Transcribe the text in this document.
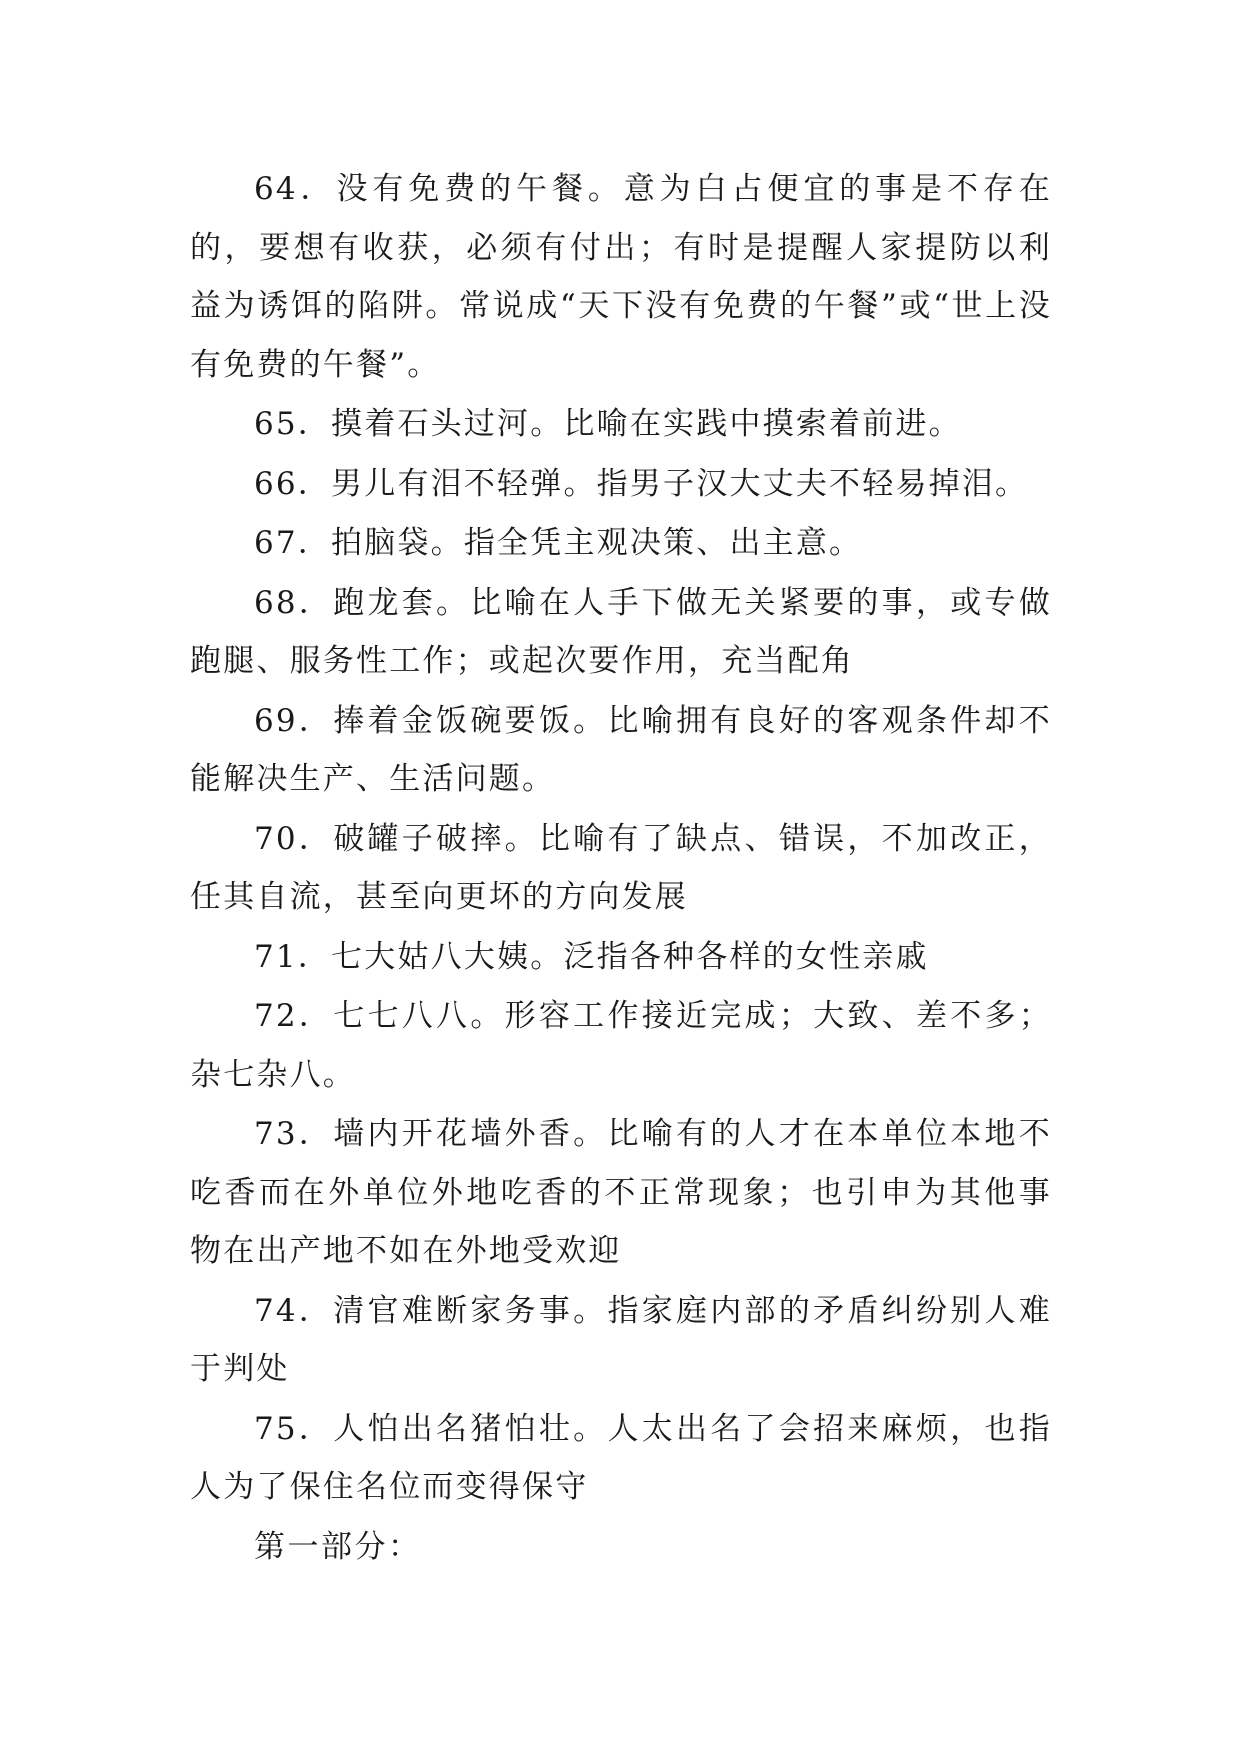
64．没有免费的午餐。意为白占便宜的事是不存在的，要想有收获，必须有付出；有时是提醒人家提防以利益为诱饵的陷阱。常说成“天下没有免费的午餐”或“世上没有免费的午餐”。

65．摸着石头过河。比喻在实践中摸索着前进。

66．男儿有泪不轻弹。指男子汉大丈夫不轻易掉泪。

67．拍脑袋。指全凭主观决策、出主意。

68．跑龙套。比喻在人手下做无关紧要的事，或专做跑腿、服务性工作；或起次要作用，充当配角

69．捧着金饭碗要饭。比喻拥有良好的客观条件却不能解决生产、生活问题。

70．破罐子破摔。比喻有了缺点、错误，不加改正，任其自流，甚至向更坏的方向发展

71．七大姑八大姨。泛指各种各样的女性亲戚

72．七七八八。形容工作接近完成；大致、差不多；杂七杂八。

73．墙内开花墙外香。比喻有的人才在本单位本地不吃香而在外单位外地吃香的不正常现象；也引申为其他事物在出产地不如在外地受欢迎

74．清官难断家务事。指家庭内部的矛盾纠纷别人难于判处

75．人怕出名猪怕壮。人太出名了会招来麻烦，也指人为了保住名位而变得保守

第一部分：
